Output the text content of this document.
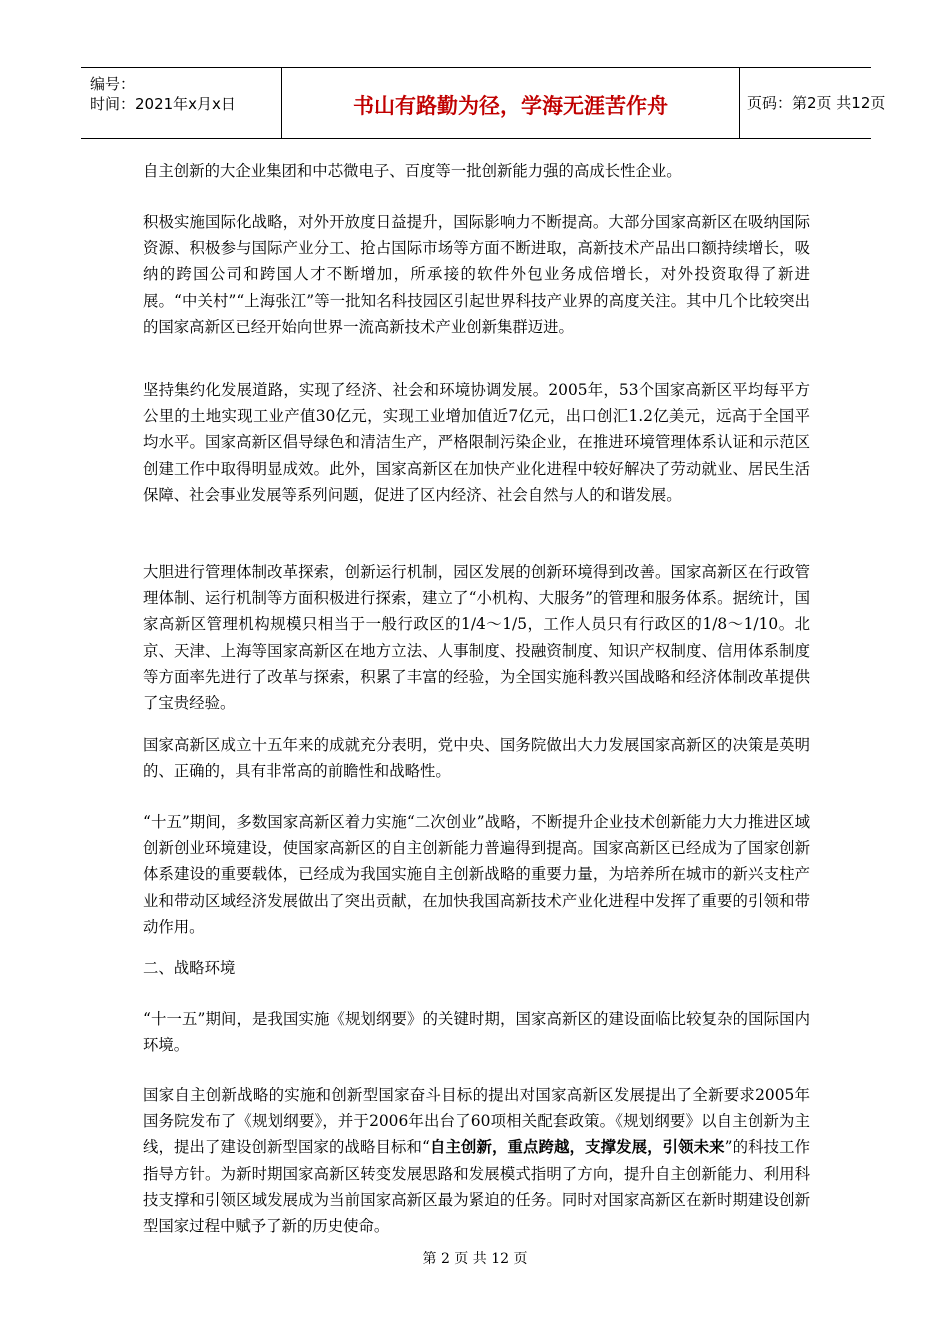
编号：
时间：2021年x月x日	书山有路勤为径，学海无涯苦作舟	页码：第2页 共12页

自主创新的大企业集团和中芯微电子、百度等一批创新能力强的高成长性企业。

积极实施国际化战略，对外开放度日益提升，国际影响力不断提高。大部分国家高新区在吸纳国际资源、积极参与国际产业分工、抢占国际市场等方面不断进取，高新技术产品出口额持续增长，吸纳的跨国公司和跨国人才不断增加，所承接的软件外包业务成倍增长，对外投资取得了新进展。“中关村”“上海张江”等一批知名科技园区引起世界科技产业界的高度关注。其中几个比较突出的国家高新区已经开始向世界一流高新技术产业创新集群迈进。

坚持集约化发展道路，实现了经济、社会和环境协调发展。2005年，53个国家高新区平均每平方公里的土地实现工业产值30亿元，实现工业增加值近7亿元，出口创汇1.2亿美元，远高于全国平均水平。国家高新区倡导绿色和清洁生产，严格限制污染企业，在推进环境管理体系认证和示范区创建工作中取得明显成效。此外，国家高新区在加快产业化进程中较好解决了劳动就业、居民生活保障、社会事业发展等系列问题，促进了区内经济、社会自然与人的和谐发展。

大胆进行管理体制改革探索，创新运行机制，园区发展的创新环境得到改善。国家高新区在行政管理体制、运行机制等方面积极进行探索，建立了“小机构、大服务”的管理和服务体系。据统计，国家高新区管理机构规模只相当于一般行政区的1/4～1/5，工作人员只有行政区的1/8～1/10。北京、天津、上海等国家高新区在地方立法、人事制度、投融资制度、知识产权制度、信用体系制度等方面率先进行了改革与探索，积累了丰富的经验，为全国实施科教兴国战略和经济体制改革提供了宝贵经验。

国家高新区成立十五年来的成就充分表明，党中央、国务院做出大力发展国家高新区的决策是英明的、正确的，具有非常高的前瞻性和战略性。

“十五”期间，多数国家高新区着力实施“二次创业”战略，不断提升企业技术创新能力大力推进区域创新创业环境建设，使国家高新区的自主创新能力普遍得到提高。国家高新区已经成为了国家创新体系建设的重要载体，已经成为我国实施自主创新战略的重要力量，为培养所在城市的新兴支柱产业和带动区域经济发展做出了突出贡献，在加快我国高新技术产业化进程中发挥了重要的引领和带动作用。

二、战略环境

“十一五”期间，是我国实施《规划纲要》的关键时期，国家高新区的建设面临比较复杂的国际国内环境。

国家自主创新战略的实施和创新型国家奋斗目标的提出对国家高新区发展提出了全新要求2005年国务院发布了《规划纲要》，并于2006年出台了60项相关配套政策。《规划纲要》以自主创新为主线，提出了建设创新型国家的战略目标和“自主创新，重点跨越，支撑发展，引领未来”的科技工作指导方针。为新时期国家高新区转变发展思路和发展模式指明了方向，提升自主创新能力、利用科技支撑和引领区域发展成为当前国家高新区最为紧迫的任务。同时对国家高新区在新时期建设创新型国家过程中赋予了新的历史使命。

第 2 页 共 12 页
